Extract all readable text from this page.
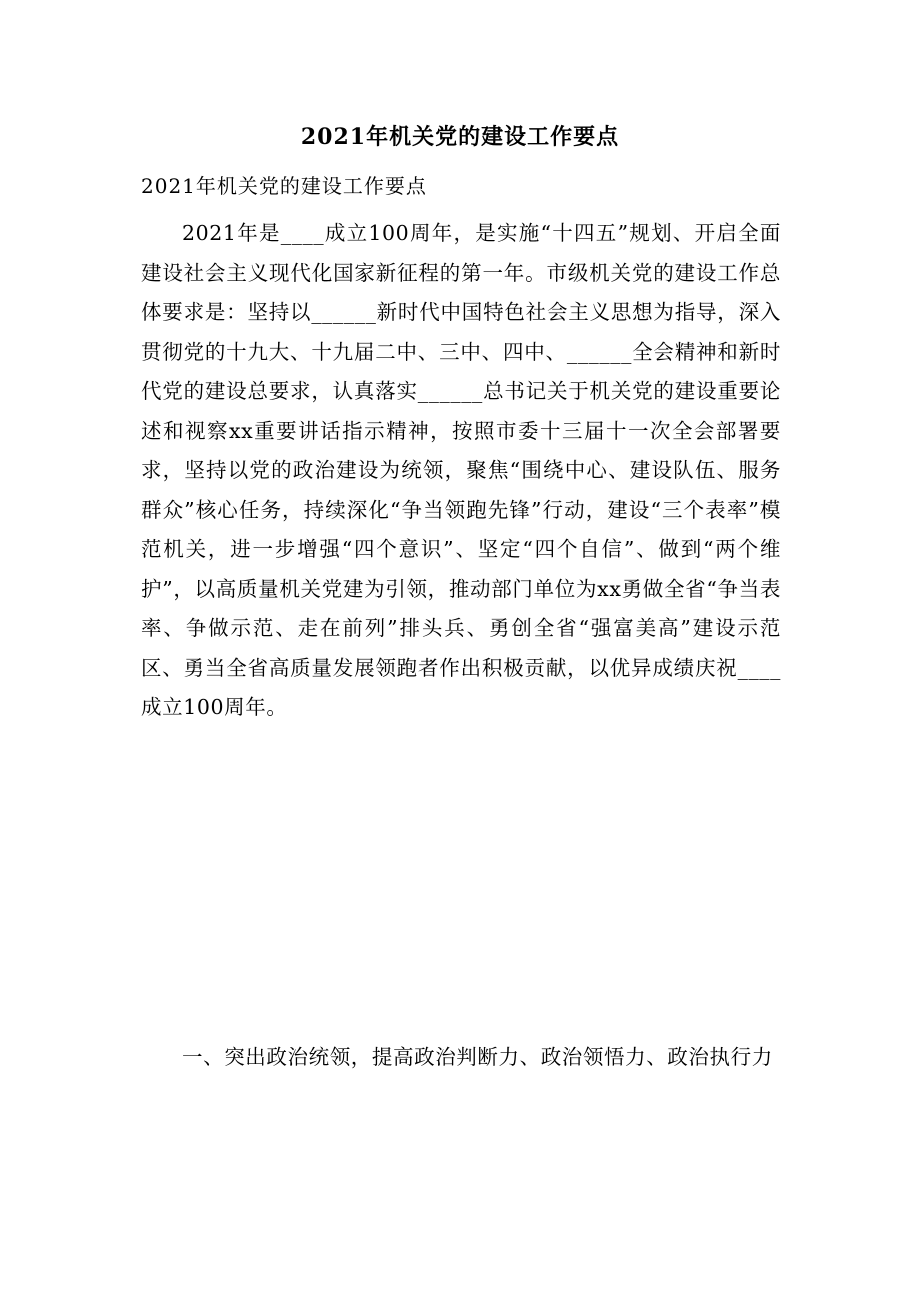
2021年机关党的建设工作要点
2021年机关党的建设工作要点

2021年是____成立100周年，是实施“十四五”规划、开启全面建设社会主义现代化国家新征程的第一年。市级机关党的建设工作总体要求是：坚持以______新时代中国特色社会主义思想为指导，深入贯彻党的十九大、十九届二中、三中、四中、______全会精神和新时代党的建设总要求，认真落实______总书记关于机关党的建设重要论述和视察xx重要讲话指示精神，按照市委十三届十一次全会部署要求，坚持以党的政治建设为统领，聚焦“围绕中心、建设队伍、服务群众”核心任务，持续深化“争当领跑先锋”行动，建设“三个表率”模范机关，进一步增强“四个意识”、坚定“四个自信”、做到“两个维护”，以高质量机关党建为引领，推动部门单位为xx勇做全省“争当表率、争做示范、走在前列”排头兵、勇创全省“强富美高”建设示范区、勇当全省高质量发展领跑者作出积极贡献，以优异成绩庆祝____成立100周年。

一、突出政治统领，提高政治判断力、政治领悟力、政治执行力
